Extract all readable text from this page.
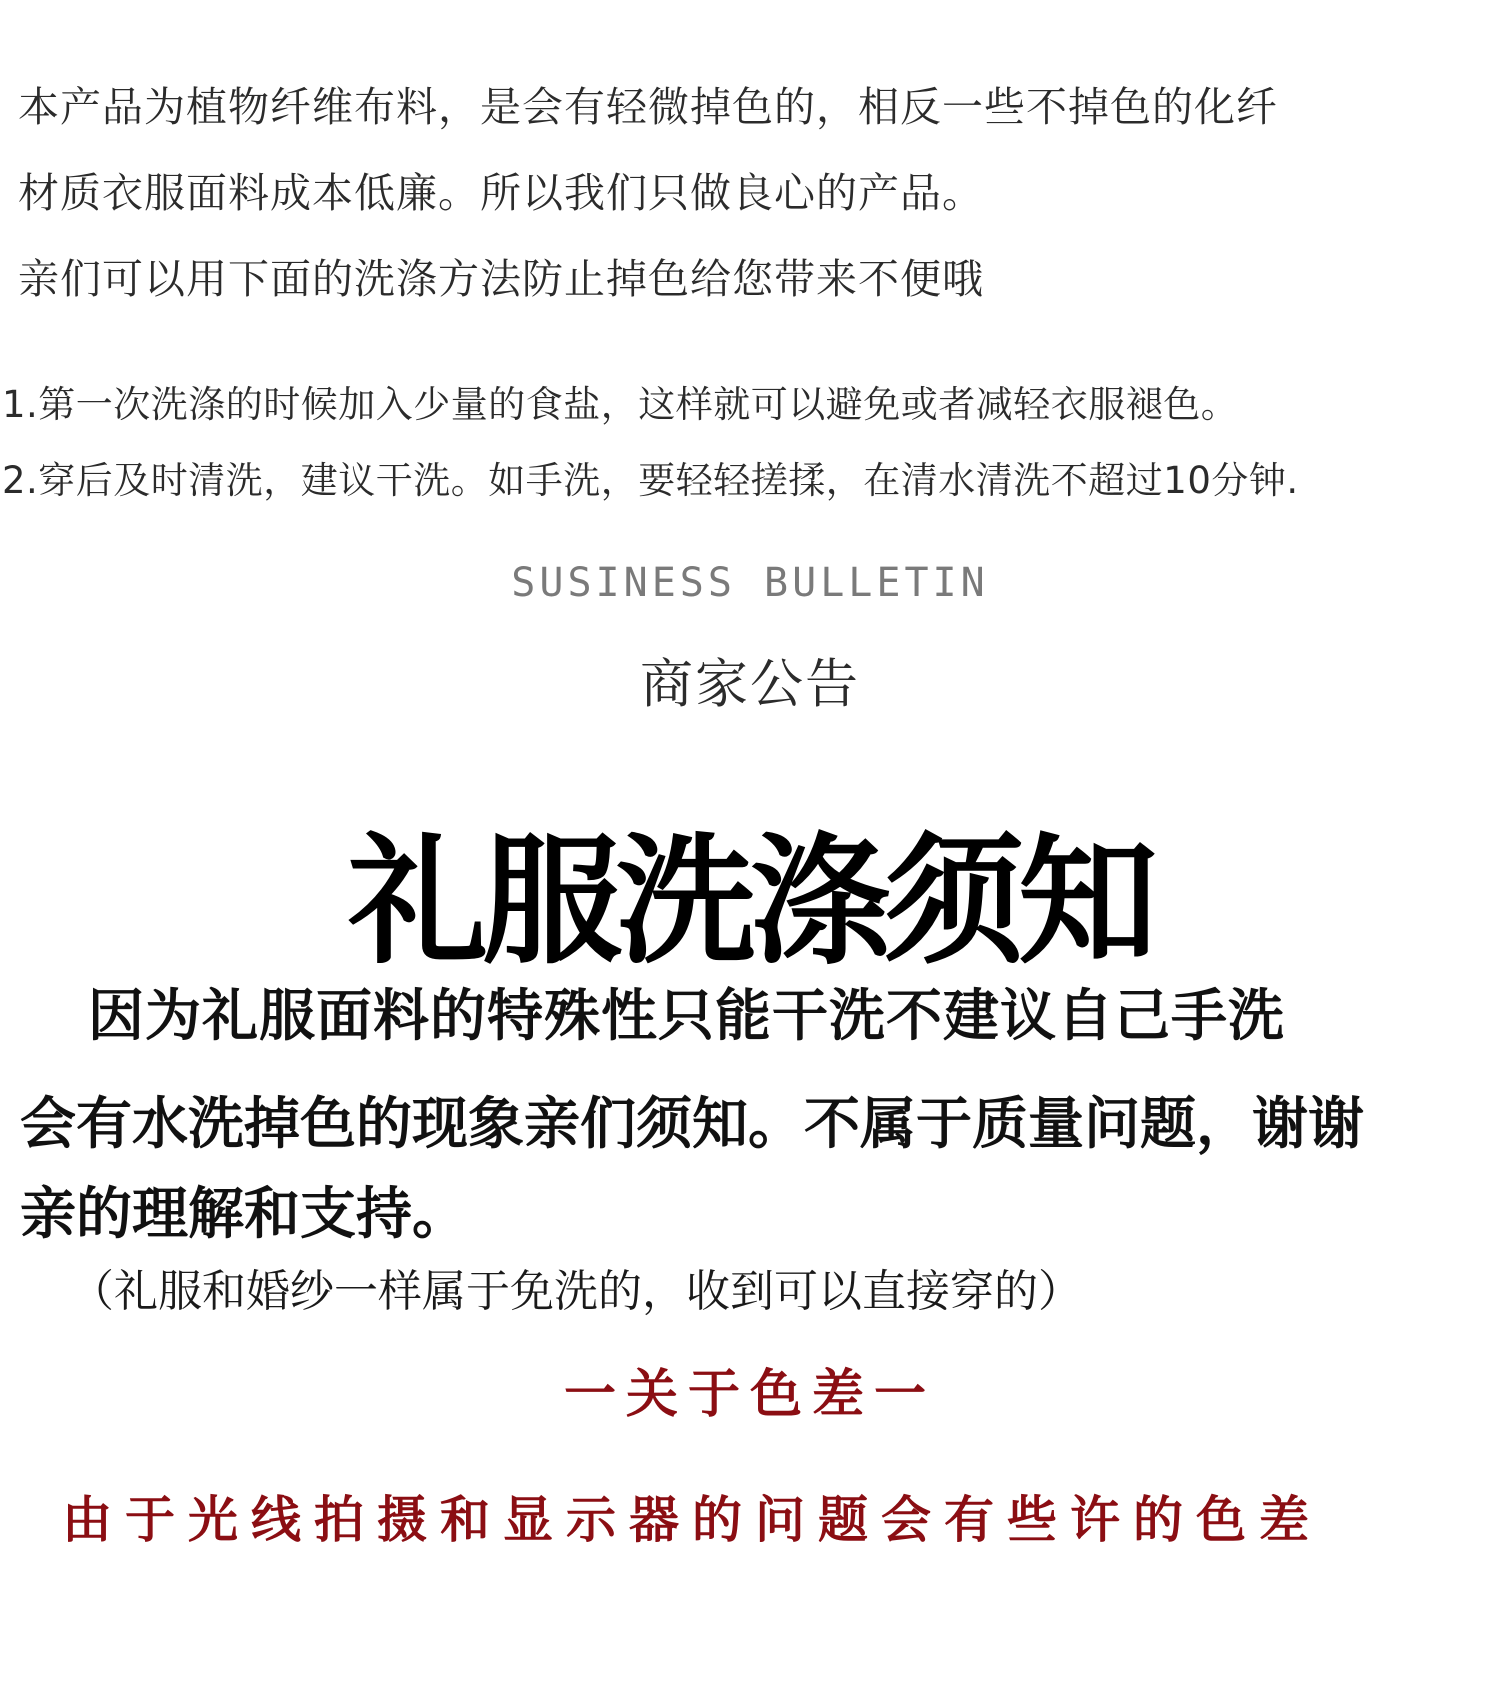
本产品为植物纤维布料，是会有轻微掉色的，相反一些不掉色的化纤
材质衣服面料成本低廉。所以我们只做良心的产品。
亲们可以用下面的洗涤方法防止掉色给您带来不便哦
1.第一次洗涤的时候加入少量的食盐，这样就可以避免或者减轻衣服褪色。
2.穿后及时清洗，建议干洗。如手洗，要轻轻搓揉，在清水清洗不超过10分钟.
SUSINESS BULLETIN
商家公告
礼服洗涤须知
因为礼服面料的特殊性只能干洗不建议自己手洗
会有水洗掉色的现象亲们须知。不属于质量问题，谢谢
亲的理解和支持。
（礼服和婚纱一样属于免洗的，收到可以直接穿的）
一关于色差一
由于光线拍摄和显示器的问题会有些许的色差
